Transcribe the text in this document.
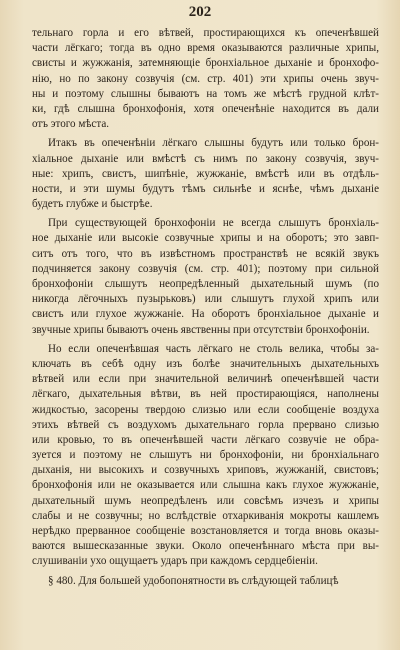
202
тельнаго горла и его вѣтвей, простирающихся къ опеченѣвшей
части лёгкаго; тогда въ одно время оказываются различные хрипы,
свисты и жужжанія, затемняющіе бронхіальное дыханіе и бронхофо-
нію, но по закону созвучія (см. стр. 401) эти хрипы очень звуч-
ны и поэтому слышны бываютъ на томъ же мѣстѣ грудной клѣт-
ки, гдѣ слышна бронхофонія, хотя опеченѣніе находится въ дали
отъ этого мѣста.
Итакъ въ опеченѣніи лёгкаго слышны будутъ или только брон-
хіальное дыханіе или вмѣстѣ съ нимъ по закону созвучія, звуч-
ные: хрипъ, свистъ, шипѣніе, жужжаніе, вмѣстѣ или въ отдѣль-
ности, и эти шумы будутъ тѣмъ сильнѣе и яснѣе, чѣмъ дыханіе
будетъ глубже и быстрѣе.
При существующей бронхофоніи не всегда слышутъ бронхіаль-
ное дыханіе или высокіе созвучные хрипы и на оборотъ; это завп-
ситъ отъ того, что въ извѣстномъ пространствѣ не всякій звукъ
подчиняется закону созвучія (см. стр. 401); поэтому при сильной
бронхофоніи слышутъ неопредѣленный дыхательный шумъ (по
никогда лёгочныхъ пузырьковъ) или слышутъ глухой хрипъ или
свистъ или глухое жужжаніе. На оборотъ бронхіальное дыханіе и
звучные хрипы бываютъ очень явственны при отсутствіи бронхофоніи.
Но если опеченѣвшая часть лёгкаго не столь велика, чтобы за-
ключать въ себѣ одну изъ болѣе значительныхъ дыхательныхъ
вѣтвей или если при значительной величинѣ опеченѣвшей части
лёгкаго, дыхательныя вѣтви, въ ней простирающіяся, наполнены
жидкостью, засорены твердою слизью или если сообщеніе воздуха
этихъ вѣтвей съ воздухомъ дыхательнаго горла прервано слизью
или кровью, то въ опеченѣвшей части лёгкаго созвучіе не обра-
зуется и поэтому не слышутъ ни бронхофоніи, ни бронхіальнаго
дыханія, ни высокихъ и созвучныхъ хриповъ, жужжаній, свистовъ;
бронхофонія или не оказывается или слышна какъ глухое жужжаніе,
дыхательный шумъ неопредѣленъ или совсѣмъ изчезъ и хрипы
слабы и не созвучны; но вслѣдствіе отхаркиванія мокроты кашлемъ
нерѣдко прерванное сообщеніе возстановляется и тогда вновь оказы-
ваются вышесказанные звуки. Около опеченѣннаго мѣста при вы-
слушиваніи ухо ощущаетъ ударъ при каждомъ сердцебіеніи.
§ 480. Для большей удобопонятности въ слѣдующей таблицѣ
